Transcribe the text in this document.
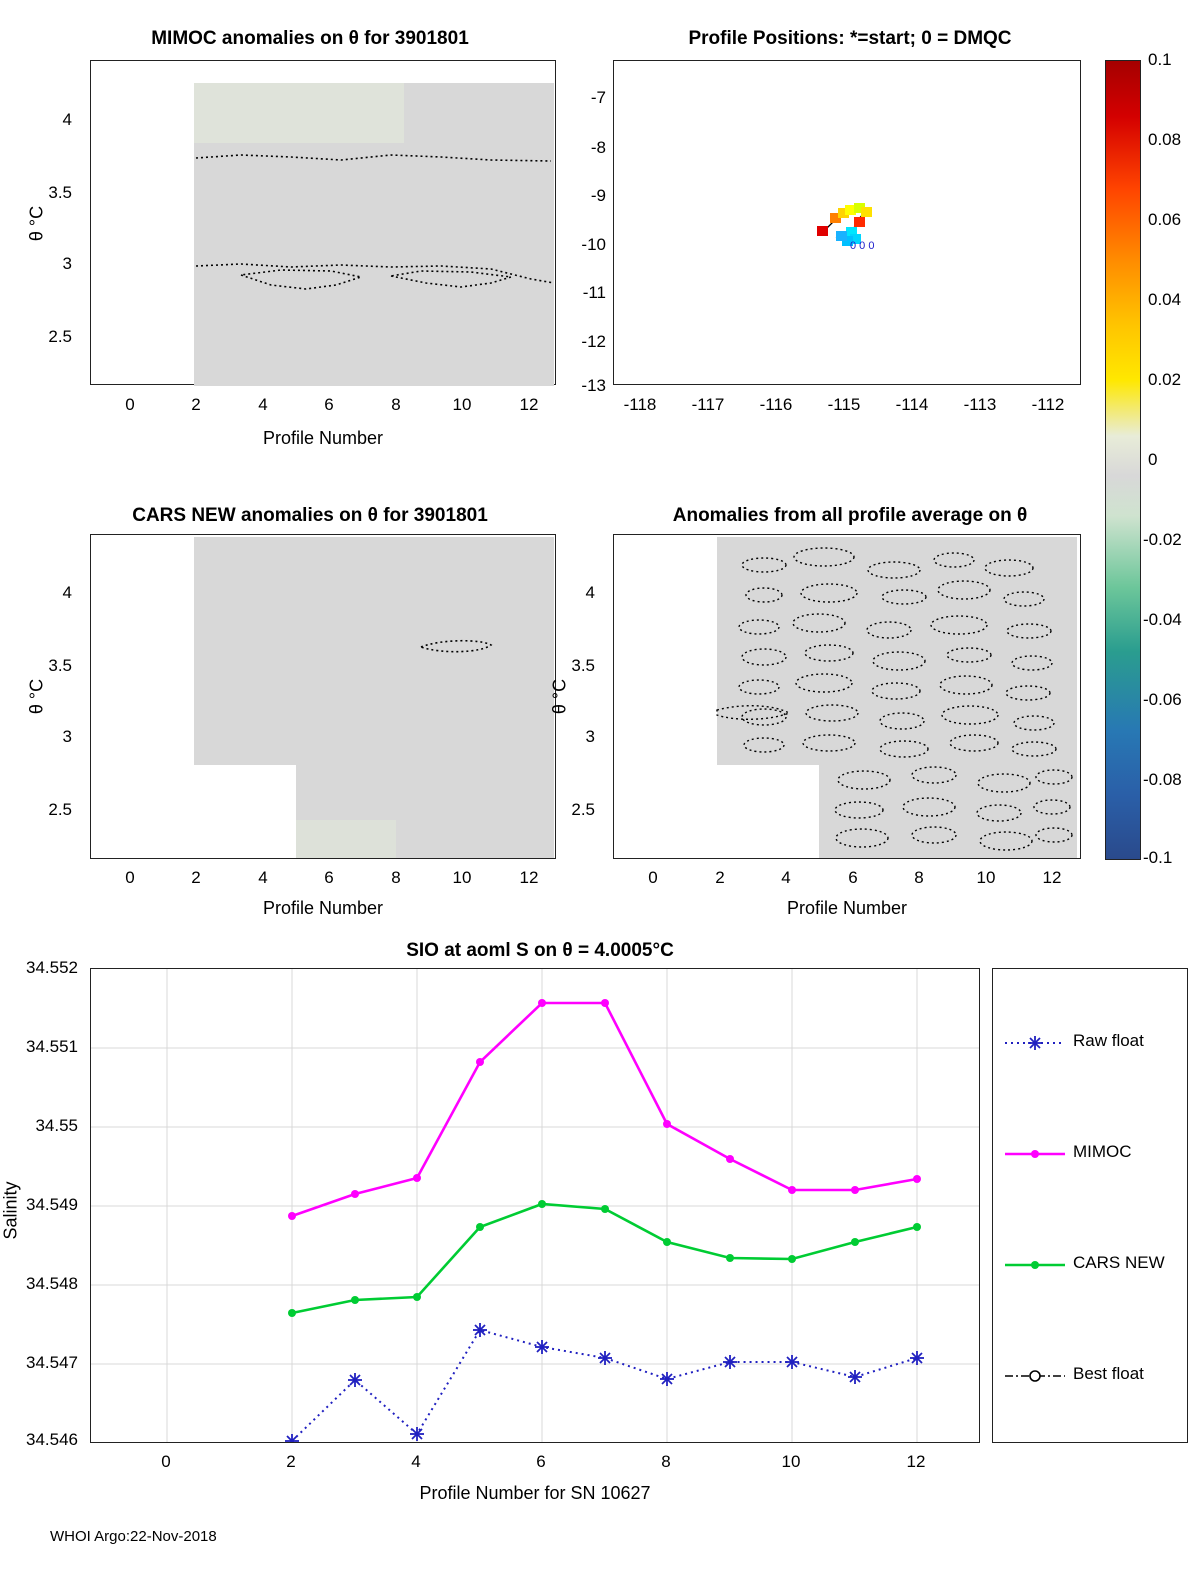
MIMOC anomalies on θ for 3901801
4
3.5
3
2.5
0	2	4	6	8	10	12
Profile Number
θ °C
Profile Positions: *=start; 0 = DMQC
0 0 0
-7
-8
-9
-10
-11
-12
-13
-118	-117	-116	-115	-114	-113	-112
0.1
0.08
0.06
0.04
0.02
0
-0.02
-0.04
-0.06
-0.08
-0.1
CARS NEW anomalies on θ for 3901801
4
3.5
3
2.5
0	2	4	6	8	10	12
Profile Number
θ °C
Anomalies from all profile average on θ
4
3.5
3
2.5
0	2	4	6	8	10	12
Profile Number
θ °C
SIO at aoml S on θ = 4.0005°C
34.552
34.551
34.55
34.549
34.548
34.547
34.546
0	2	4	6	8	10	12
Profile Number for SN 10627
Salinity
Raw float
MIMOC
CARS NEW
Best float
WHOI Argo:22-Nov-2018
